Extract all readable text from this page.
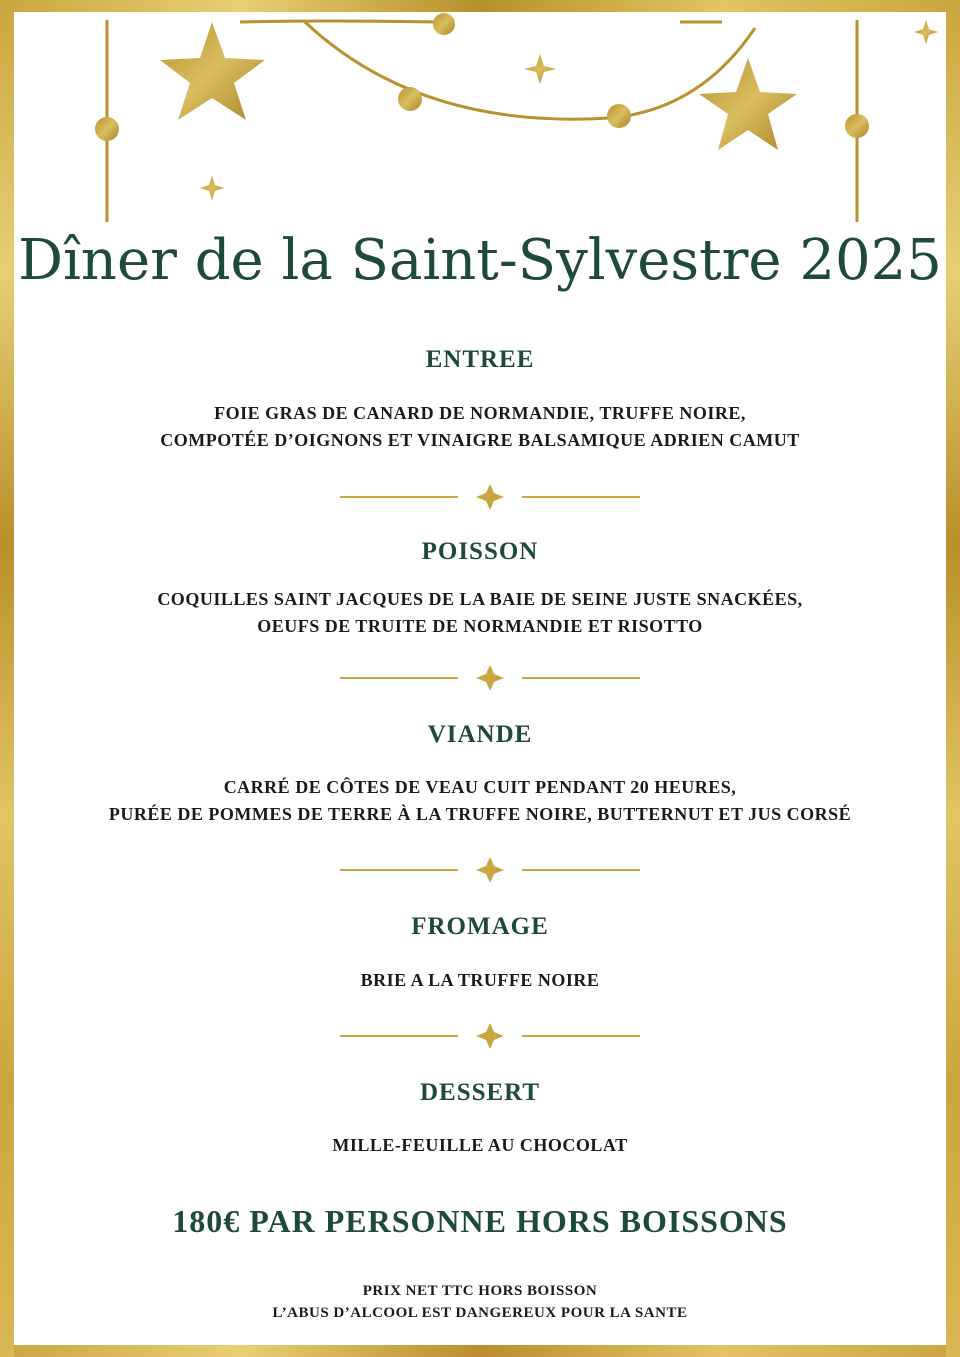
Dîner de la Saint-Sylvestre 2025
ENTREE
FOIE GRAS DE CANARD DE NORMANDIE, TRUFFE NOIRE,
COMPOTÉE D’OIGNONS ET VINAIGRE BALSAMIQUE ADRIEN CAMUT
POISSON
COQUILLES SAINT JACQUES DE LA BAIE DE SEINE JUSTE SNACKÉES,
OEUFS DE TRUITE DE NORMANDIE ET RISOTTO
VIANDE
CARRÉ DE CÔTES DE VEAU CUIT PENDANT 20 HEURES,
PURÉE DE POMMES DE TERRE À LA TRUFFE NOIRE, BUTTERNUT ET JUS CORSÉ
FROMAGE
BRIE A LA TRUFFE NOIRE
DESSERT
MILLE-FEUILLE AU CHOCOLAT
180€ PAR PERSONNE HORS BOISSONS
PRIX NET TTC HORS BOISSON
L’ABUS D’ALCOOL EST DANGEREUX POUR LA SANTE
